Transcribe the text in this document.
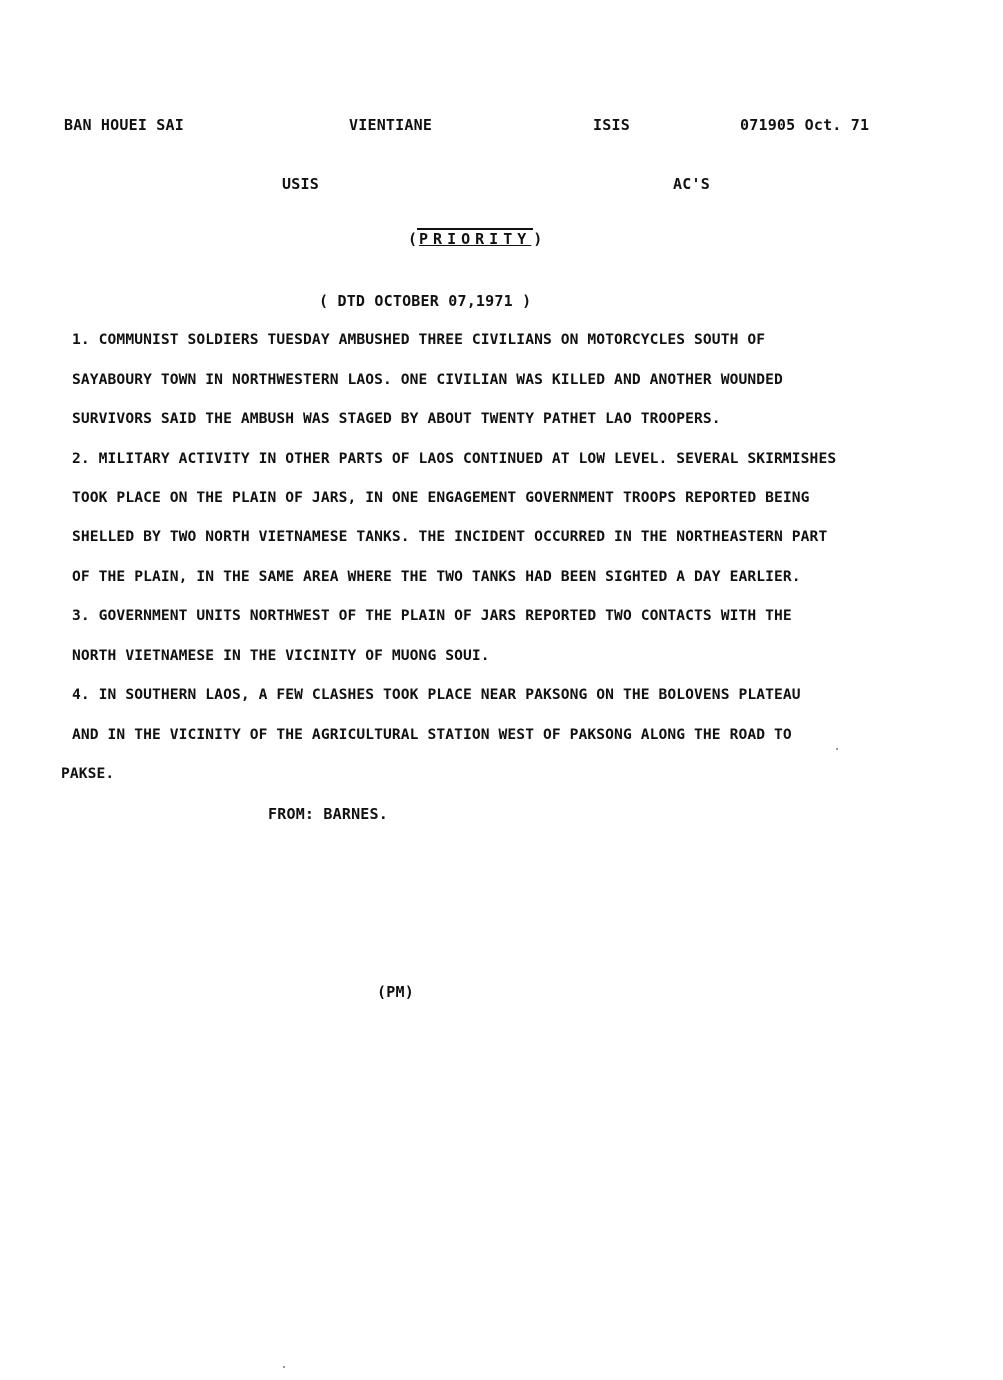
BAN HOUEI SAI	VIENTIANE	ISIS	071905 Oct. 71
USIS	AC'S
( PRIORITY )
( DTD OCTOBER 07,1971 )
1. COMMUNIST SOLDIERS TUESDAY AMBUSHED THREE CIVILIANS ON MOTORCYCLES SOUTH OF
SAYABOURY TOWN IN NORTHWESTERN LAOS. ONE CIVILIAN WAS KILLED AND ANOTHER WOUNDED
SURVIVORS SAID THE AMBUSH WAS STAGED BY ABOUT TWENTY PATHET LAO TROOPERS.
2. MILITARY ACTIVITY IN OTHER PARTS OF LAOS CONTINUED AT LOW LEVEL. SEVERAL SKIRMISHES
TOOK PLACE ON THE PLAIN OF JARS, IN ONE ENGAGEMENT GOVERNMENT TROOPS REPORTED BEING
SHELLED BY TWO NORTH VIETNAMESE TANKS. THE INCIDENT OCCURRED IN THE NORTHEASTERN PART
OF THE PLAIN, IN THE SAME AREA WHERE THE TWO TANKS HAD BEEN SIGHTED A DAY EARLIER.
3. GOVERNMENT UNITS NORTHWEST OF THE PLAIN OF JARS REPORTED TWO CONTACTS WITH THE
NORTH VIETNAMESE IN THE VICINITY OF MUONG SOUI.
4. IN SOUTHERN LAOS, A FEW CLASHES TOOK PLACE NEAR PAKSONG ON THE BOLOVENS PLATEAU
AND IN THE VICINITY OF THE AGRICULTURAL STATION WEST OF PAKSONG ALONG THE ROAD TO
PAKSE.
FROM: BARNES.
(PM)
